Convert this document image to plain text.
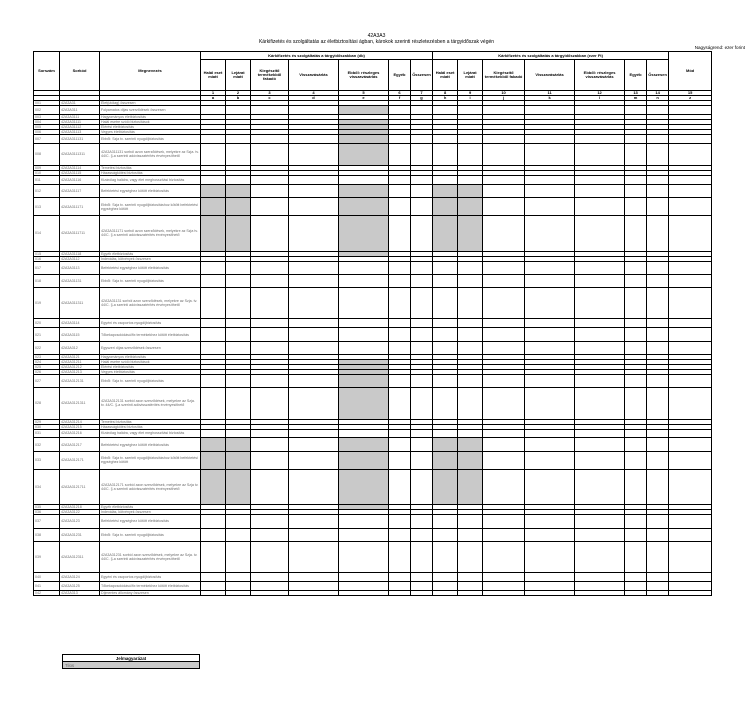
42A3A3
Kárkifizetés és szolgáltatás az életbiztosítási ágban, károkok szerinti részletezésben a tárgyidőszak végén
Nagyságrend: ezer forint
Sorszám	Sorkód	Megnevezés	Kárkifizetés és szolgáltatás a tárgyidőszakban (db)							Kárkifizetés és szolgáltatás a tárgyidőszakban (ezer Ft)							Mód
			Halál eset miatt	Lejárat miatt	Kiegészítő termékekből fakadó	Visszavásárlás	Ebből: részleges visszavásárlás	Egyéb	Összesen	Halál eset miatt	Lejárat miatt	Kiegészítő termékekből fakadó	Visszavásárlás	Ebből: részleges visszavásárlás	Egyéb	Összesen	
			1	2	3	4	5	6	7	8	9	10	11	12	13	14	15
			a	b	c	d	e	f	g	h	i	j	k	l	m	n	z
001	42A3A31	Élet(utólag) összesen															
002	42A3A311	Folyamatos díjas szerződések összesen															
003	42A3A3111	Hagyományos életbiztosítás															
004	42A3A31111	Halál esetre szóló biztosítások															
005	42A3A31112	Elérési életbiztosítás															
006	42A3A31113	Vegyes életbiztosítás															
007	42A3A311131	Ebből: Szja tv. szerinti nyugdíjbiztosítás															
008	42A3A3111311	42A3A311131 sorból azon szerződések, melyekre az Szja. tv. 44/C. §-a szerinti adóvisszatérítés érvényesíthető															
009	42A3A31114	Temetési biztosítás															
010	42A3A31115	Házasságkötési biztosítás															
011	42A3A31116	Kizárólag halálra, vagy élet meghosszítási biztosítás															
012	42A3A31117	Befektetési egységhez kötött életbiztosítás															
013	42A3A311171	Ebből: Szja tv. szerinti nyugdíjbiztosításhoz kötött befektetési egységhez kötött															
014	42A3A3111711	42A3A311171 sorból azon szerződések, melyekre az Szja tv. 44/C. § a szerinti adóvisszatérítés érvényesíthető															
015	42A3A31118	Egyéb életbiztosítás															
016	42A3A3112	Indexálás, kötvények összesen															
017	42A3A3113	Befektetési egységhez kötött életbiztosítás															
018	42A3A31131	Ebből: Szja tv. szerinti nyugdíjbiztosítás															
019	42A3A311311	42A3A31131 sorból azon szerződések, melyekre az Szja. tv. 44/C. §-a szerinti adóvisszatérítés érvényesíthető															
020	42A3A3114	Egyéni és csoportos nyugdíjbiztosítás															
021	42A3A3115	Tőkekapcsolódású/fix termékekhez kötött életbiztosítás															
022	42A3A312	Egyszeri díjas szerződések összesen															
023	42A3A3121	Hagyományos életbiztosítás															
024	42A3A31211	Halál esetre szóló biztosítások															
025	42A3A31212	Elérési életbiztosítás															
026	42A3A31213	Vegyes életbiztosítás															
027	42A3A312131	Ebből: Szja tv. szerinti nyugdíjbiztosítás															
028	42A3A3121311	42A3A312131 sorból azon szerződések, melyekre az Szja. tv. 44/C. §-a szerinti adóvisszatérítés érvényesíthető															
029	42A3A31214	Temetési biztosítás															
030	42A3A31215	Házasságkötési biztosítás															
031	42A3A31216	Kizárólag halálra, vagy élet meghosszítási biztosítás															
032	42A3A31217	Befektetési egységhez kötött életbiztosítás															
033	42A3A312171	Ebből: Szja tv. szerinti nyugdíjbiztosításhoz kötött befektetési egységhez kötött															
034	42A3A3121711	42A3A312171 sorból azon szerződések, melyekre az Szja tv. 44/C. § a szerinti adóvisszatérítés érvényesíthető															
035	42A3A31218	Egyéb életbiztosítás															
036	42A3A3122	Indexálás, kötvények összesen															
037	42A3A3123	Befektetési egységhez kötött életbiztosítás															
038	42A3A31231	Ebből: Szja tv. szerinti nyugdíjbiztosítás															
039	42A3A312311	42A3A31231 sorból azon szerződések, melyekre az Szja. tv. 44/C. §-a szerinti adóvisszatérítés érvényesíthető															
040	42A3A3124	Egyéni és csoportos nyugdíjbiztosítás															
041	42A3A3125	Tőkekapcsolódású/fix termékekhez kötött életbiztosítás															
042	42A3A313	Díjmentes állomány összesen															
Jelmagyarázat
Tilos
